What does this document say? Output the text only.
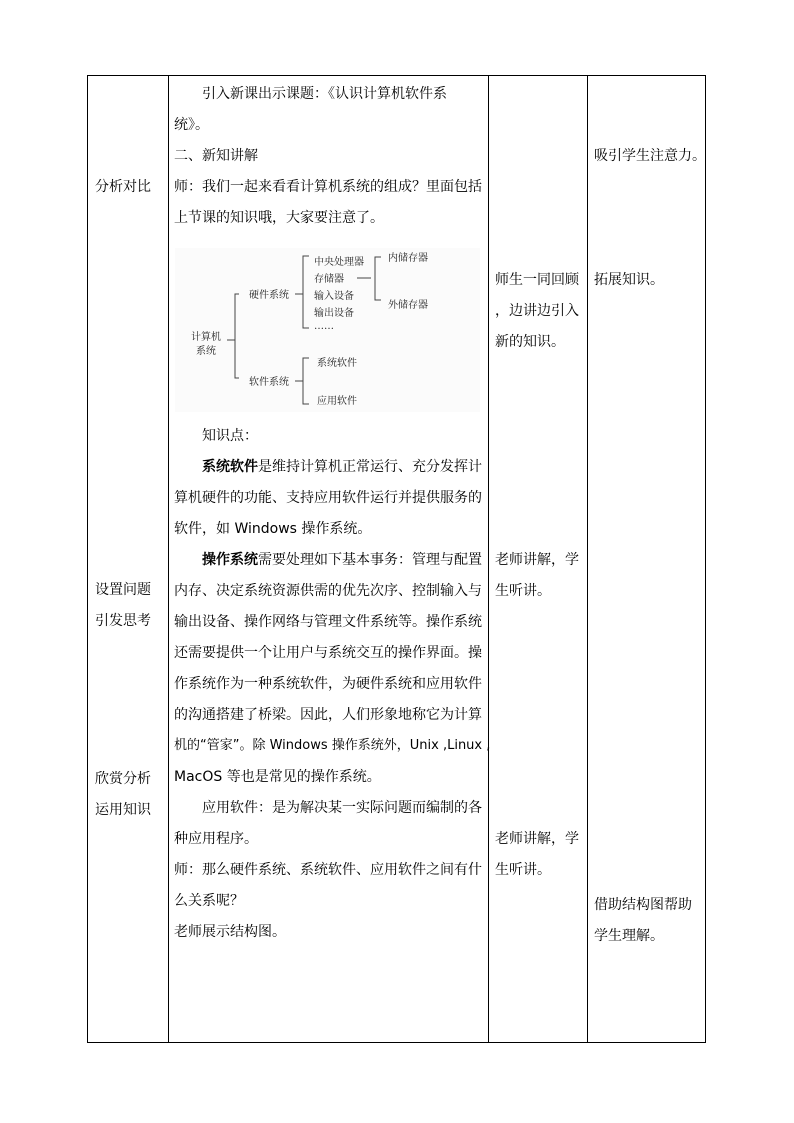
分析对比
设置问题
引发思考
欣赏分析
运用知识
引入新课出示课题：《认识计算机软件系
统》。
二、新知讲解
师：我们一起来看看计算机系统的组成？里面包括
上节课的知识哦，大家要注意了。
计算机
系统
硬件系统
软件系统
中央处理器
存储器
输入设备
输出设备
……
内储存器
外储存器
系统软件
应用软件
知识点：
系统软件是维持计算机正常运行、充分发挥计
算机硬件的功能、支持应用软件运行并提供服务的
软件，如 Windows 操作系统。
操作系统需要处理如下基本事务：管理与配置
内存、决定系统资源供需的优先次序、控制输入与
输出设备、操作网络与管理文件系统等。操作系统
还需要提供一个让用户与系统交互的操作界面。操
作系统作为一种系统软件，为硬件系统和应用软件
的沟通搭建了桥梁。因此，人们形象地称它为计算
机的“管家”。除 Windows 操作系统外，Unix ,Linux ,
MacOS 等也是常见的操作系统。
应用软件：是为解决某一实际问题而编制的各
种应用程序。
师：那么硬件系统、系统软件、应用软件之间有什
么关系呢？
老师展示结构图。
师生一同回顾
，边讲边引入
新的知识。
老师讲解，学
生听讲。
老师讲解，学
生听讲。
吸引学生注意力。
拓展知识。
借助结构图帮助
学生理解。
